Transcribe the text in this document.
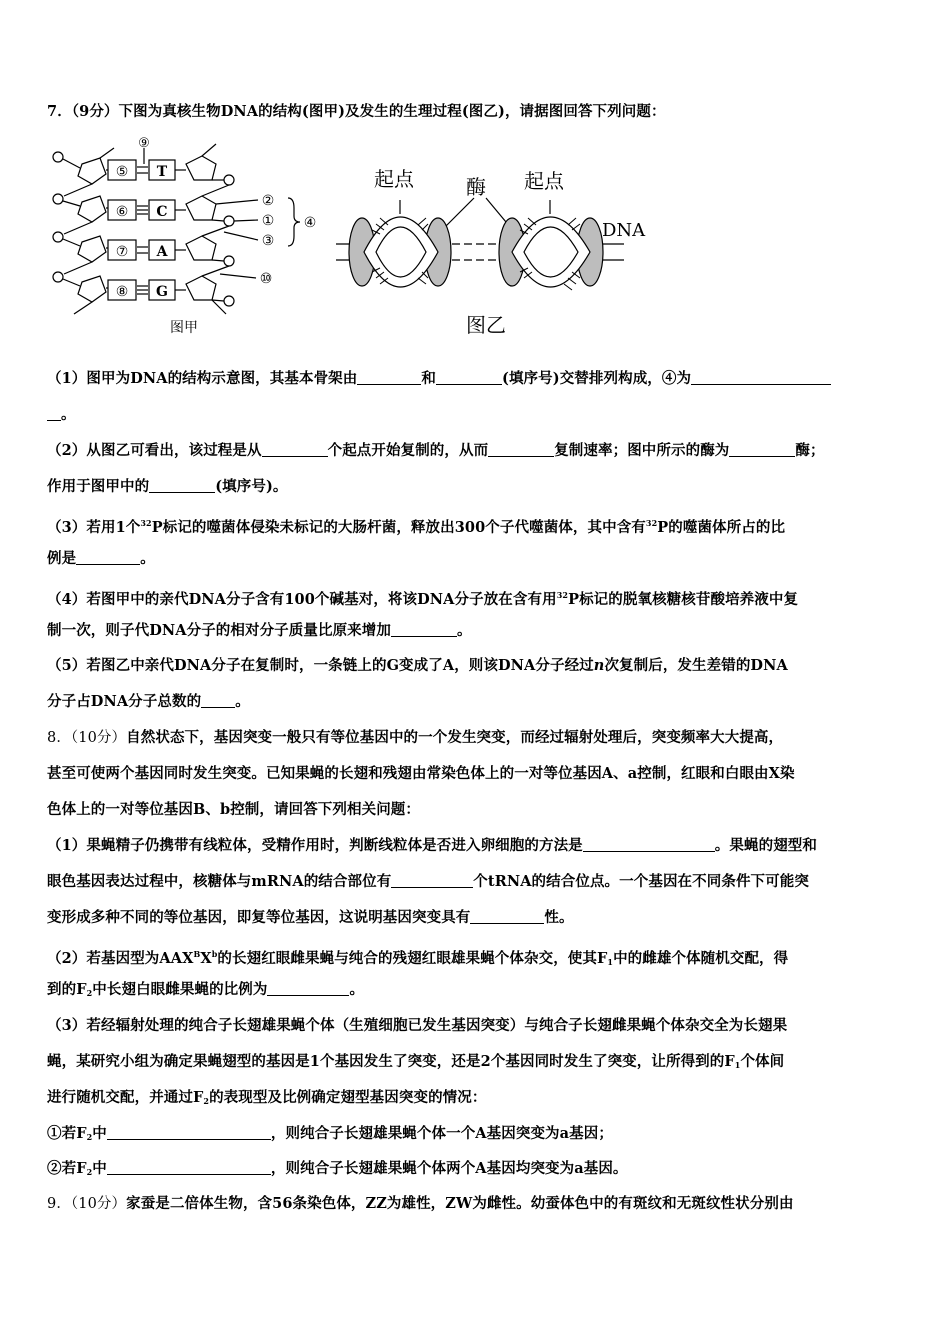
7．（9分）下图为真核生物DNA的结构(图甲)及发生的生理过程(图乙)，请据图回答下列问题：
⑨
⑤ T
⑥ C
⑦ A
⑧ G
②
①
③
④
⑩
图甲
起点	酶 起点
DNA
图乙
（1）图甲为DNA的结构示意图，其基本骨架由	和	(填序号)交替排列构成，④为
。
（2）从图乙可看出，该过程是从	个起点开始复制的，从而	复制速率；图中所示的酶为	酶；
作用于图甲中的	(填序号)。
（3）若用1个$^{32}$P标记的噬菌体侵染未标记的大肠杆菌，释放出300个子代噬菌体，其中含有$^{32}$P的噬菌体所占的比
例是	。
（4）若图甲中的亲代DNA分子含有100个碱基对，将该DNA分子放在含有用$^{32}$P标记的脱氧核糖核苷酸培养液中复
制一次，则子代DNA分子的相对分子质量比原来增加	。
（5）若图乙中亲代DNA分子在复制时，一条链上的G变成了A，则该DNA分子经过n次复制后，发生差错的DNA
分子占DNA分子总数的 。
8．（10分）自然状态下，基因突变一般只有等位基因中的一个发生突变，而经过辐射处理后，突变频率大大提高，
甚至可使两个基因同时发生突变。已知果蝇的长翅和残翅由常染色体上的一对等位基因A、a控制，红眼和白眼由X染
色体上的一对等位基因B、b控制，请回答下列相关问题：
（1）果蝇精子仍携带有线粒体，受精作用时，判断线粒体是否进入卵细胞的方法是	。果蝇的翅型和
眼色基因表达过程中，核糖体与mRNA的结合部位有	个tRNA的结合位点。一个基因在不同条件下可能突
变形成多种不同的等位基因，即复等位基因，这说明基因突变具有	性。
（2）若基因型为$AAX^BX^b$的长翅红眼雌果蝇与纯合的残翅红眼雄果蝇个体杂交，使其$F_1$中的雌雄个体随机交配，得
到的$F_2$中长翅白眼雌果蝇的比例为	。
（3）若经辐射处理的纯合子长翅雄果蝇个体（生殖细胞已发生基因突变）与纯合子长翅雌果蝇个体杂交全为长翅果
蝇，某研究小组为确定果蝇翅型的基因是1个基因发生了突变，还是2个基因同时发生了突变，让所得到的$F_1$个体间
进行随机交配，并通过$F_2$的表现型及比例确定翅型基因突变的情况：
①若$F_2$中	，则纯合子长翅雄果蝇个体一个A基因突变为a基因；
②若$F_2$中	，则纯合子长翅雄果蝇个体两个A基因均突变为a基因。
9．（10分）家蚕是二倍体生物，含56条染色体，ZZ为雄性，ZW为雌性。幼蚕体色中的有斑纹和无斑纹性状分别由
